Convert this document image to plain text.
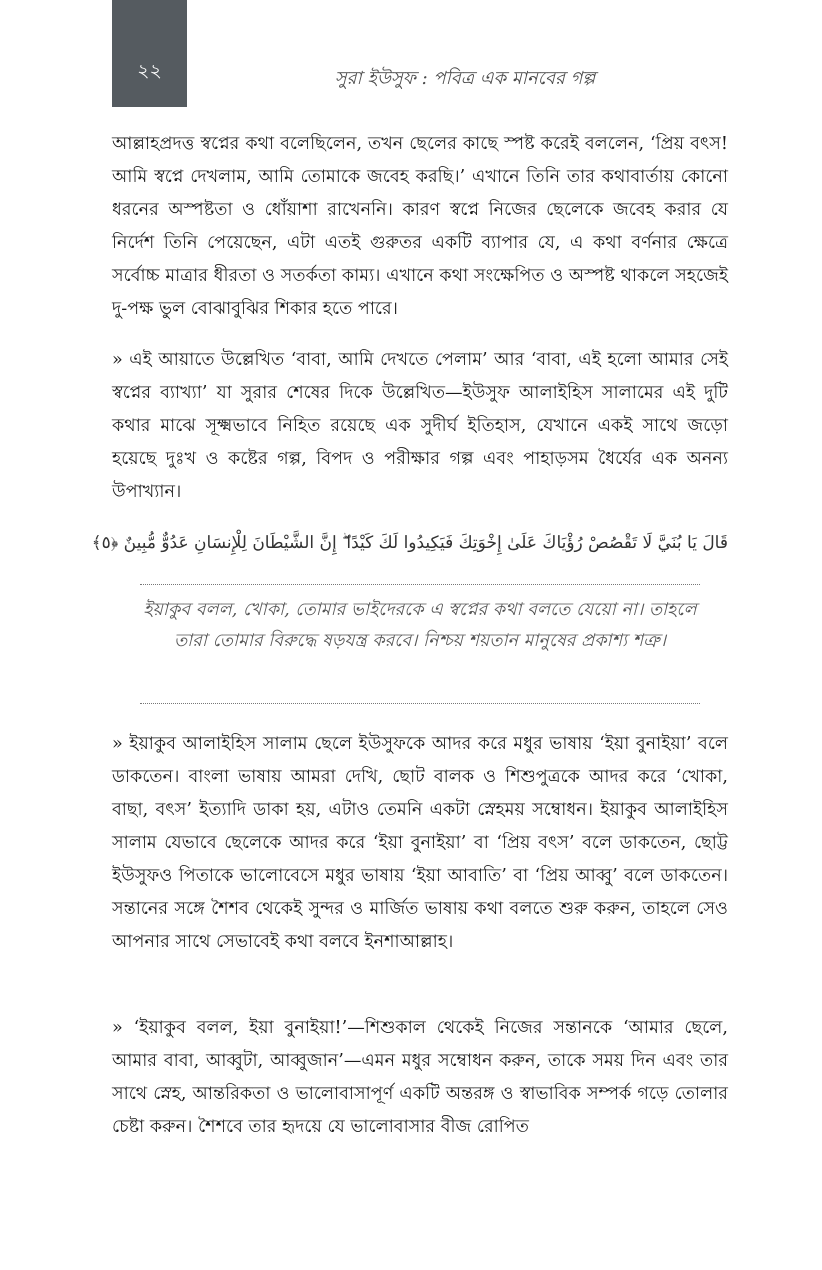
২২	সুরা ইউসুফ : পবিত্র এক মানবের গল্প

আল্লাহপ্রদত্ত স্বপ্নের কথা বলেছিলেন, তখন ছেলের কাছে স্পষ্ট করেই বললেন, ‘প্রিয় বৎস! আমি স্বপ্নে দেখলাম, আমি তোমাকে জবেহ করছি।’ এখানে তিনি তার কথাবার্তায় কোনো ধরনের অস্পষ্টতা ও ধোঁয়াশা রাখেননি। কারণ স্বপ্নে নিজের ছেলেকে জবেহ করার যে নির্দেশ তিনি পেয়েছেন, এটা এতই গুরুতর একটি ব্যাপার যে, এ কথা বর্ণনার ক্ষেত্রে সর্বোচ্চ মাত্রার ধীরতা ও সতর্কতা কাম্য। এখানে কথা সংক্ষেপিত ও অস্পষ্ট থাকলে সহজেই দু-পক্ষ ভুল বোঝাবুঝির শিকার হতে পারে।

» এই আয়াতে উল্লেখিত ‘বাবা, আমি দেখতে পেলাম’ আর ‘বাবা, এই হলো আমার সেই স্বপ্নের ব্যাখ্যা’ যা সুরার শেষের দিকে উল্লেখিত—ইউসুফ আলাইহিস সালামের এই দুটি কথার মাঝে সূক্ষ্মভাবে নিহিত রয়েছে এক সুদীর্ঘ ইতিহাস, যেখানে একই সাথে জড়ো হয়েছে দুঃখ ও কষ্টের গল্প, বিপদ ও পরীক্ষার গল্প এবং পাহাড়সম ধৈর্যের এক অনন্য উপাখ্যান।

قَالَ يَا بُنَيَّ لَا تَقْصُصْ رُؤْيَاكَ عَلَىٰ إِخْوَتِكَ فَيَكِيدُوا لَكَ كَيْدًا ۖ إِنَّ الشَّيْطَانَ لِلْإِنسَانِ عَدُوٌّ مُّبِينٌ ﴿٥﴾

ইয়াকুব বলল, খোকা, তোমার ভাইদেরকে এ স্বপ্নের কথা বলতে যেয়ো না। তাহলে তারা তোমার বিরুদ্ধে ষড়যন্ত্র করবে। নিশ্চয় শয়তান মানুষের প্রকাশ্য শত্রু।

» ইয়াকুব আলাইহিস সালাম ছেলে ইউসুফকে আদর করে মধুর ভাষায় ‘ইয়া বুনাইয়া’ বলে ডাকতেন। বাংলা ভাষায় আমরা দেখি, ছোট বালক ও শিশুপুত্রকে আদর করে ‘খোকা, বাছা, বৎস’ ইত্যাদি ডাকা হয়, এটাও তেমনি একটা স্নেহময় সম্বোধন। ইয়াকুব আলাইহিস সালাম যেভাবে ছেলেকে আদর করে ‘ইয়া বুনাইয়া’ বা ‘প্রিয় বৎস’ বলে ডাকতেন, ছোট্ট ইউসুফও পিতাকে ভালোবেসে মধুর ভাষায় ‘ইয়া আবাতি’ বা ‘প্রিয় আব্বু’ বলে ডাকতেন। সন্তানের সঙ্গে শৈশব থেকেই সুন্দর ও মার্জিত ভাষায় কথা বলতে শুরু করুন, তাহলে সেও আপনার সাথে সেভাবেই কথা বলবে ইনশাআল্লাহ।

» ‘ইয়াকুব বলল, ইয়া বুনাইয়া!’—শিশুকাল থেকেই নিজের সন্তানকে ‘আমার ছেলে, আমার বাবা, আব্বুটা, আব্বুজান’—এমন মধুর সম্বোধন করুন, তাকে সময় দিন এবং তার সাথে স্নেহ, আন্তরিকতা ও ভালোবাসাপূর্ণ একটি অন্তরঙ্গ ও স্বাভাবিক সম্পর্ক গড়ে তোলার চেষ্টা করুন। শৈশবে তার হৃদয়ে যে ভালোবাসার বীজ রোপিত
